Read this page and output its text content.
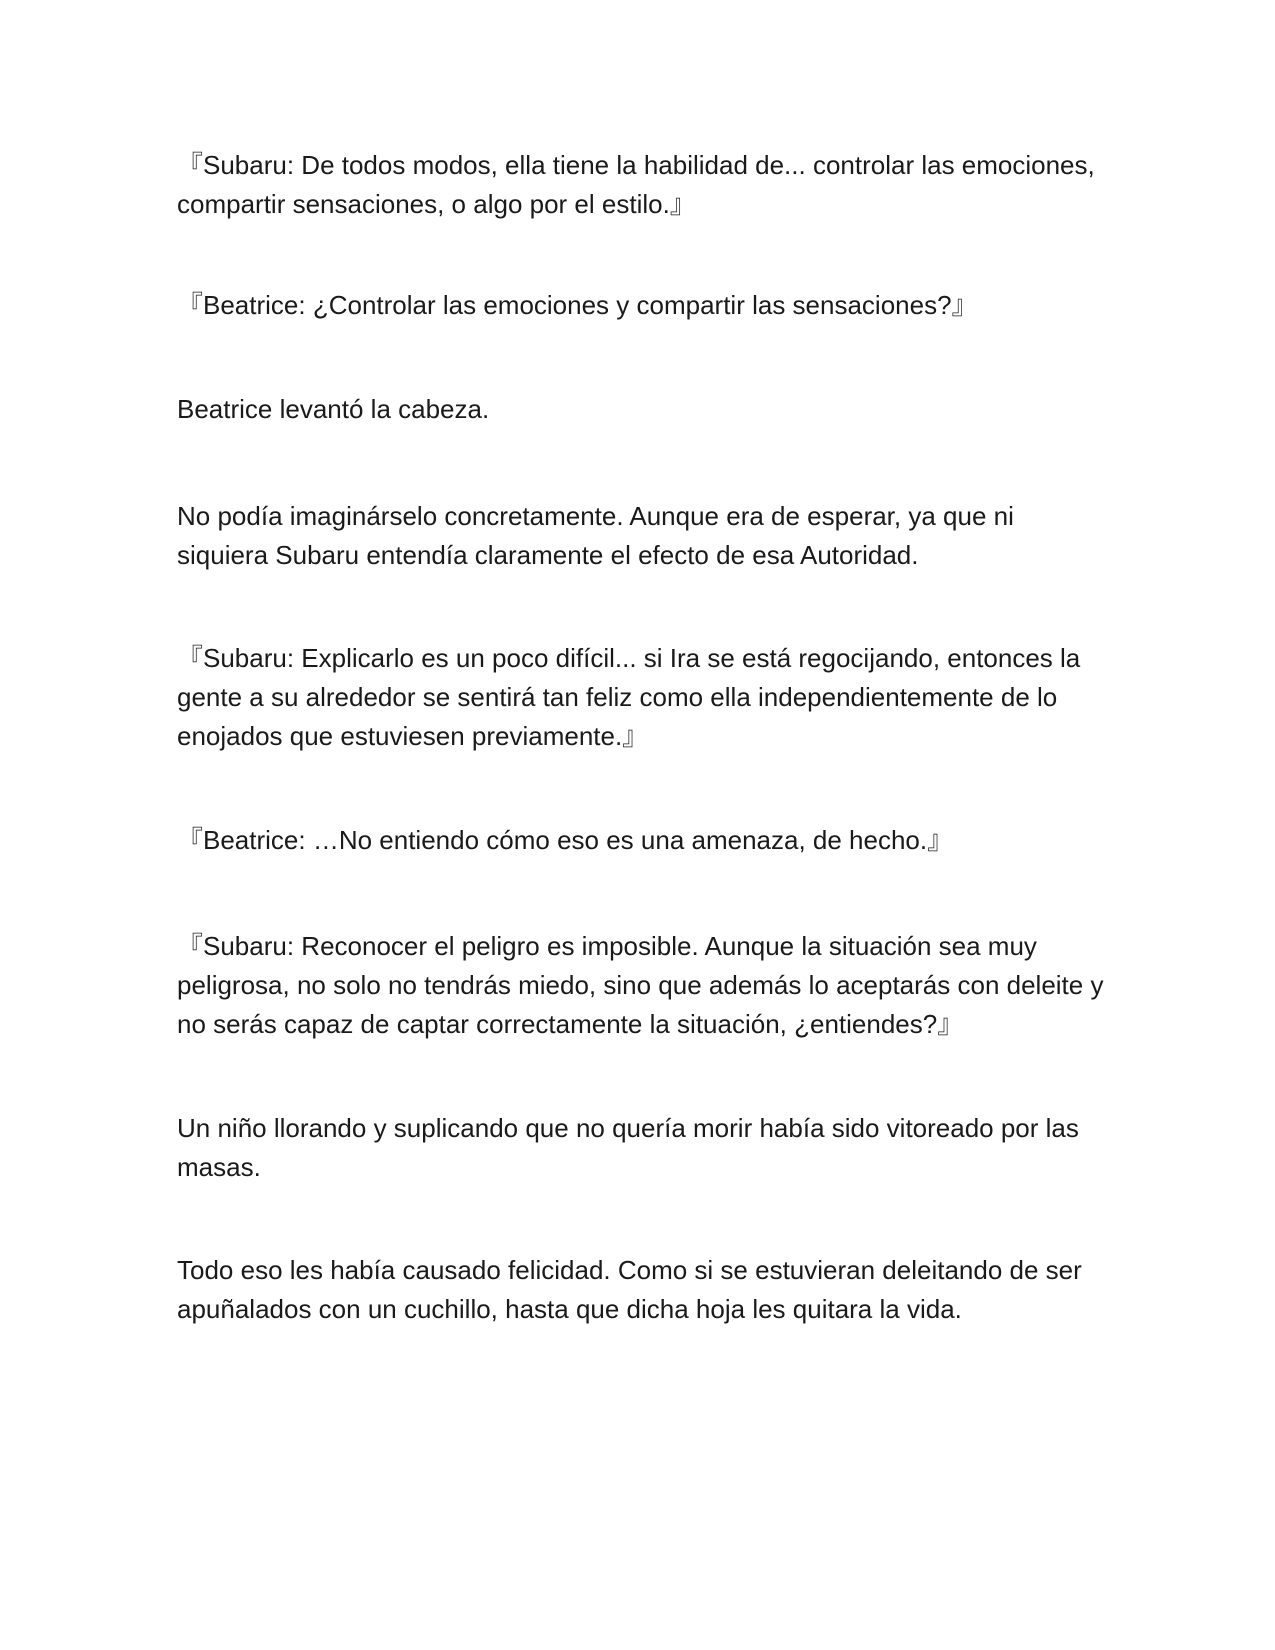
『Subaru: De todos modos, ella tiene la habilidad de... controlar las emociones, compartir sensaciones, o algo por el estilo.』

『Beatrice: ¿Controlar las emociones y compartir las sensaciones?』

Beatrice levantó la cabeza.

No podía imaginárselo concretamente. Aunque era de esperar, ya que ni siquiera Subaru entendía claramente el efecto de esa Autoridad.

『Subaru: Explicarlo es un poco difícil... si Ira se está regocijando, entonces la gente a su alrededor se sentirá tan feliz como ella independientemente de lo enojados que estuviesen previamente.』

『Beatrice: …No entiendo cómo eso es una amenaza, de hecho.』

『Subaru: Reconocer el peligro es imposible. Aunque la situación sea muy peligrosa, no solo no tendrás miedo, sino que además lo aceptarás con deleite y no serás capaz de captar correctamente la situación, ¿entiendes?』

Un niño llorando y suplicando que no quería morir había sido vitoreado por las masas.

Todo eso les había causado felicidad. Como si se estuvieran deleitando de ser apuñalados con un cuchillo, hasta que dicha hoja les quitara la vida.
